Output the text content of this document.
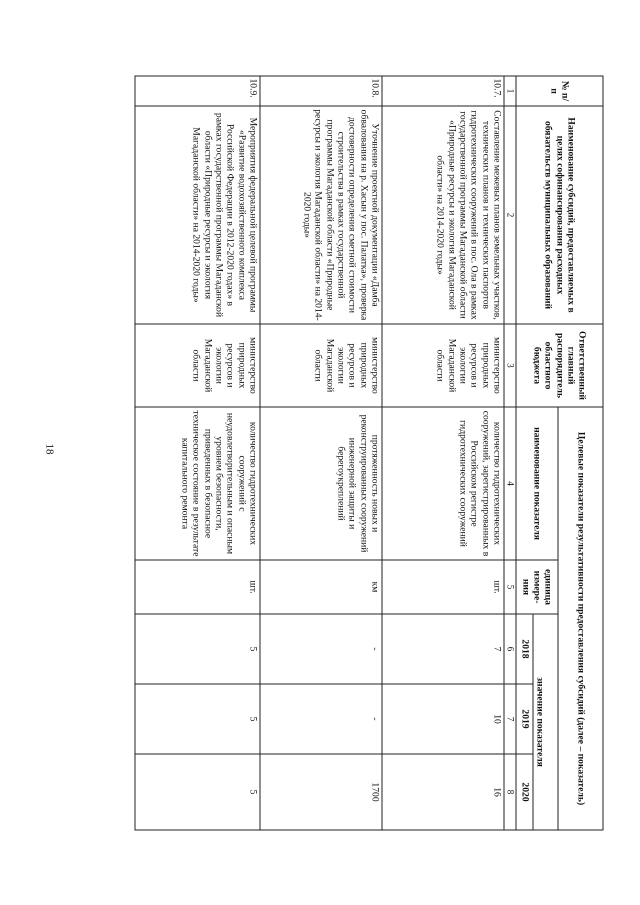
18
№ п/п	Наименование субсидий, предоставляемых в целях софинансирования расходных обязательств муниципальных образований	Ответственный главный распорядитель областного бюджета	Целевые показатели результативности предоставления субсидий (далее – показатель)				
			наименование показателя	единица измере-ния	значение показателя		
					2018	2019	2020
1	2	3	4	5	6	7	8
10.7.	Составление межевых планов земельных участков, технических планов и технических паспортов гидротехнических сооружений в пос. Ола в рамках государственной программы Магаданской области «Природные ресурсы и экология Магаданской области» на 2014-2020 годы»	министерство природных ресурсов и экологии Магаданской области	количество гидротехнических сооружений, зарегистрированных в Российском регистре гидротехнических сооружений	шт.	7	10	16
10.8.	Уточнение проектной документации «Дамба обвалования на р. Хасын у пос. Палатка», проверка достоверности определения сметной стоимости строительства в рамках государственной программы Магаданской области «Природные ресурсы и экология Магаданской области» на 2014-2020 годы»	министерство природных ресурсов и экологии Магаданской области	протяженность новых и реконструированных сооружений инженерной защиты и берегоукреплений	км	-	-	1700
10.9.	Мероприятия федеральной целевой программы «Развитие водохозяйственного комплекса Российской Федерации в 2012-2020 годах» в рамках государственной программы Магаданской области «Природные ресурсы и экология Магаданской области» на 2014-2020 годы»	министерство природных ресурсов и экологии Магаданской области	количество гидротехнических сооружений с неудовлетворительным и опасным уровнем безопасности, приведенных в безопасное техническое состояние в результате капитального ремонта	шт.	5	5	5
